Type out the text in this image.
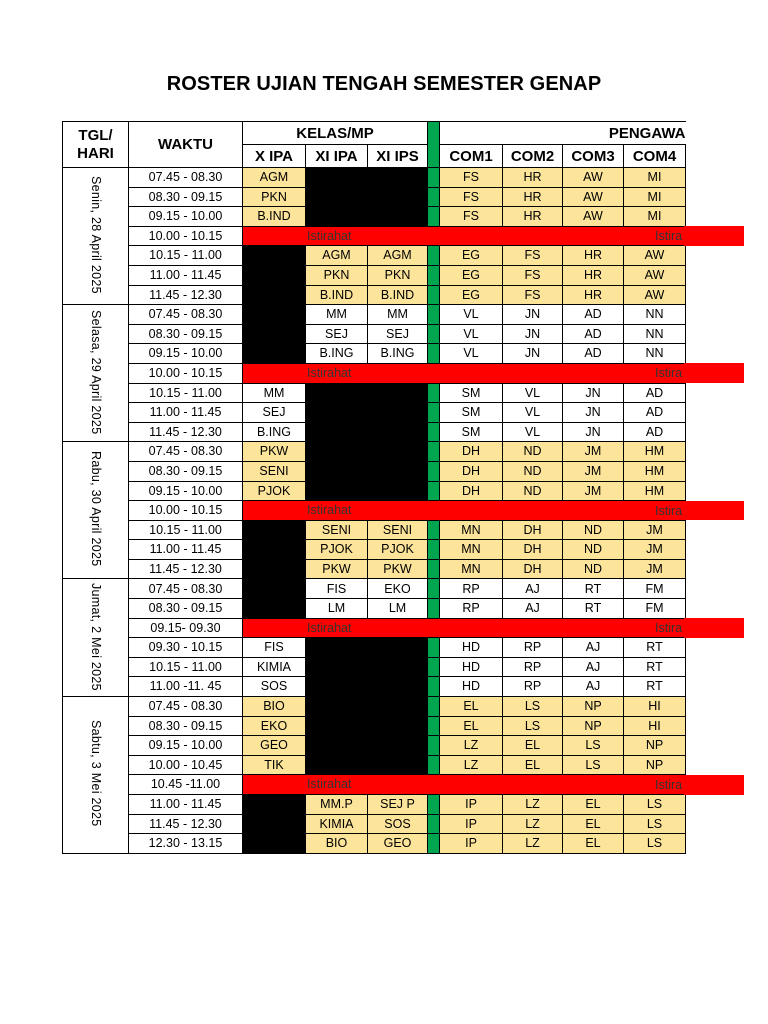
ROSTER UJIAN TENGAH SEMESTER GENAP
TGL/ HARI	WAKTU	KELAS/MP				PENGAWA			
		X IPA	XI IPA	XI IPS		COM1	COM2	COM3	COM4
Senin, 28 April 2025	07.45 - 08.30	AGM				FS	HR	AW	MI
	08.30 - 09.15	PKN				FS	HR	AW	MI
	09.15 - 10.00	B.IND				FS	HR	AW	MI
	10.00 - 10.15	Istirahat							
	10.15 - 11.00		AGM	AGM		EG	FS	HR	AW
	11.00 - 11.45		PKN	PKN		EG	FS	HR	AW
	11.45 - 12.30		B.IND	B.IND		EG	FS	HR	AW
Selasa, 29 April 2025	07.45 - 08.30		MM	MM		VL	JN	AD	NN
	08.30 - 09.15		SEJ	SEJ		VL	JN	AD	NN
	09.15 - 10.00		B.ING	B.ING		VL	JN	AD	NN
	10.00 - 10.15	Istirahat							
	10.15 - 11.00	MM				SM	VL	JN	AD
	11.00 - 11.45	SEJ				SM	VL	JN	AD
	11.45 - 12.30	B.ING				SM	VL	JN	AD
Rabu, 30 April 2025	07.45 - 08.30	PKW				DH	ND	JM	HM
	08.30 - 09.15	SENI				DH	ND	JM	HM
	09.15 - 10.00	PJOK				DH	ND	JM	HM
	10.00 - 10.15	Istirahat							
	10.15 - 11.00		SENI	SENI		MN	DH	ND	JM
	11.00 - 11.45		PJOK	PJOK		MN	DH	ND	JM
	11.45 - 12.30		PKW	PKW		MN	DH	ND	JM
Jumat, 2 Mei 2025	07.45 - 08.30		FIS	EKO		RP	AJ	RT	FM
	08.30 - 09.15		LM	LM		RP	AJ	RT	FM
	09.15- 09.30	Istirahat							
	09.30 - 10.15	FIS				HD	RP	AJ	RT
	10.15 - 11.00	KIMIA				HD	RP	AJ	RT
	11.00 -11. 45	SOS				HD	RP	AJ	RT
Sabtu, 3 Mei 2025	07.45 - 08.30	BIO				EL	LS	NP	HI
	08.30 - 09.15	EKO				EL	LS	NP	HI
	09.15 - 10.00	GEO				LZ	EL	LS	NP
	10.00 - 10.45	TIK				LZ	EL	LS	NP
	10.45 -11.00	Istirahat							
	11.00 - 11.45		MM.P	SEJ P		IP	LZ	EL	LS
	11.45 - 12.30		KIMIA	SOS		IP	LZ	EL	LS
	12.30 - 13.15		BIO	GEO		IP	LZ	EL	LS
Istira
Istira
Istira
Istira
Istira
